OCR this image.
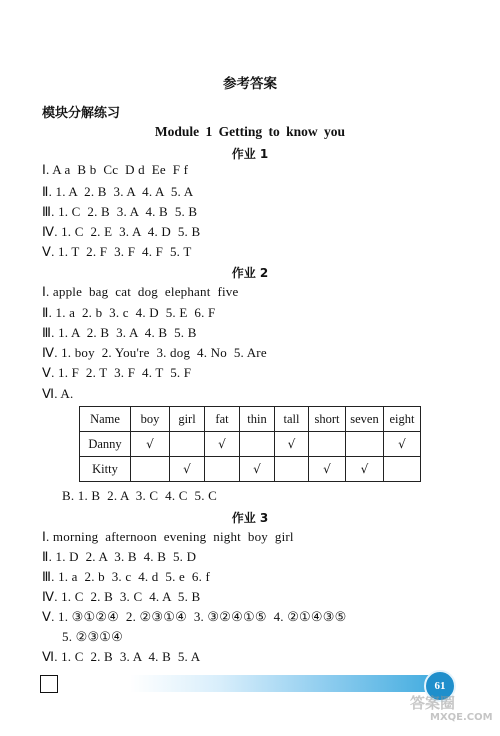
参考答案
模块分解练习
Module 1 Getting to know you
作业 1
Ⅰ. A a  B b  Cc  D d  Ee  F f
Ⅱ. 1. A  2. B  3. A  4. A  5. A
Ⅲ. 1. C  2. B  3. A  4. B  5. B
Ⅳ. 1. C  2. E  3. A  4. D  5. B
Ⅴ. 1. T  2. F  3. F  4. F  5. T
作业 2
Ⅰ. apple  bag  cat  dog  elephant  five
Ⅱ. 1. a  2. b  3. c  4. D  5. E  6. F
Ⅲ. 1. A  2. B  3. A  4. B  5. B
Ⅳ. 1. boy  2. You're  3. dog  4. No  5. Are
Ⅴ. 1. F  2. T  3. F  4. T  5. F
Ⅵ. A.
Name	boy	girl	fat	thin	tall	short	seven	eight
Danny	√		√		√			√
Kitty		√		√		√	√	
B. 1. B  2. A  3. C  4. C  5. C
作业 3
Ⅰ. morning  afternoon  evening  night  boy  girl
Ⅱ. 1. D  2. A  3. B  4. B  5. D
Ⅲ. 1. a  2. b  3. c  4. d  5. e  6. f
Ⅳ. 1. C  2. B  3. C  4. A  5. B
Ⅴ. 1. ③①②④  2. ②③①④  3. ③②④①⑤  4. ②①④③⑤
5. ②③①④
Ⅵ. 1. C  2. B  3. A  4. B  5. A
61
答案圈
MXQE.COM
